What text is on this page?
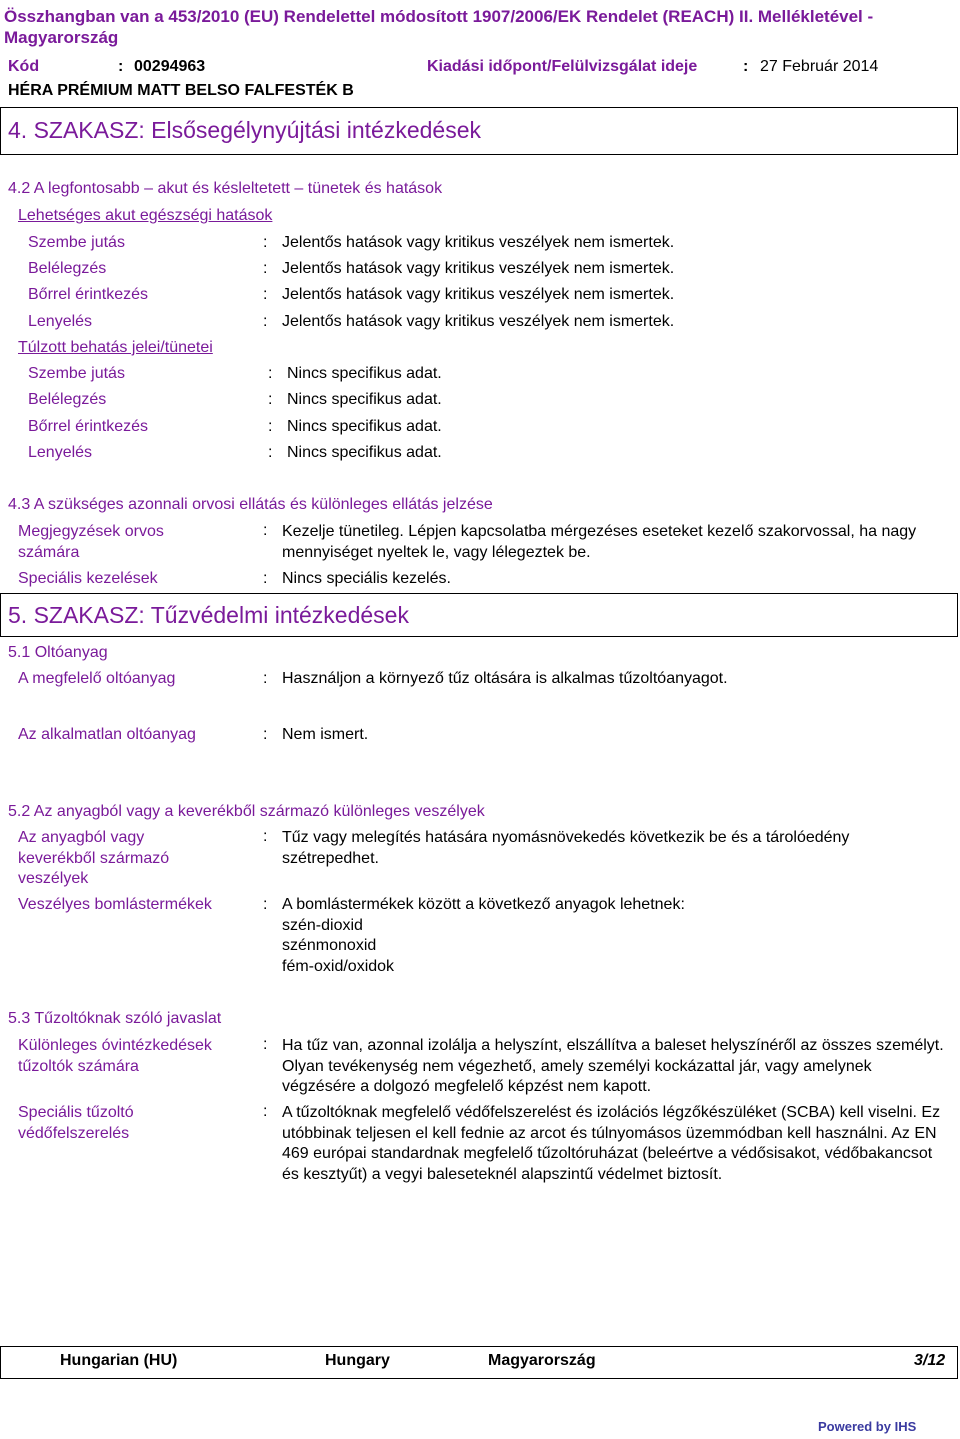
Összhangban van a 453/2010 (EU) Rendelettel módosított 1907/2006/EK Rendelet (REACH) II. Mellékletével - Magyarország
Kód	: 00294963	Kiadási időpont/Felülvizsgálat ideje	: 27 Február 2014
HÉRA PRÉMIUM MATT BELSO FALFESTÉK B
4. SZAKASZ: Elsősegélynyújtási intézkedések
4.2 A legfontosabb – akut és késleltetett – tünetek és hatások
Lehetséges akut egészségi hatások
Szembe jutás	: Jelentős hatások vagy kritikus veszélyek nem ismertek.
Belélegzés	: Jelentős hatások vagy kritikus veszélyek nem ismertek.
Bőrrel érintkezés	: Jelentős hatások vagy kritikus veszélyek nem ismertek.
Lenyelés	: Jelentős hatások vagy kritikus veszélyek nem ismertek.
Túlzott behatás jelei/tünetei
Szembe jutás	: Nincs specifikus adat.
Belélegzés	: Nincs specifikus adat.
Bőrrel érintkezés	: Nincs specifikus adat.
Lenyelés	: Nincs specifikus adat.
4.3 A szükséges azonnali orvosi ellátás és különleges ellátás jelzése
Megjegyzések orvos számára
: Kezelje tünetileg. Lépjen kapcsolatba mérgezéses eseteket kezelő szakorvossal, ha nagy mennyiséget nyeltek le, vagy lélegeztek be.
Speciális kezelések	: Nincs speciális kezelés.
5. SZAKASZ: Tűzvédelmi intézkedések
5.1 Oltóanyag
A megfelelő oltóanyag	: Használjon a környező tűz oltására is alkalmas tűzoltóanyagot.
Az alkalmatlan oltóanyag	: Nem ismert.
5.2 Az anyagból vagy a keverékből származó különleges veszélyek
Az anyagból vagy keverékből származó veszélyek
: Tűz vagy melegítés hatására nyomásnövekedés következik be és a tárolóedény szétrepedhet.
Veszélyes bomlástermékek	: A bomlástermékek között a következő anyagok lehetnek:
szén-dioxid
szénmonoxid
fém-oxid/oxidok
5.3 Tűzoltóknak szóló javaslat
Különleges óvintézkedések tűzoltók számára
: Ha tűz van, azonnal izolálja a helyszínt, elszállítva a baleset helyszínéről az összes személyt. Olyan tevékenység nem végezhető, amely személyi kockázattal jár, vagy amelynek végzésére a dolgozó megfelelő képzést nem kapott.
Speciális tűzoltó védőfelszerelés
: A tűzoltóknak megfelelő védőfelszerelést és izolációs légzőkészüléket (SCBA) kell viselni. Ez utóbbinak teljesen el kell fednie az arcot és túlnyomásos üzemmódban kell használni. Az EN 469 európai standardnak megfelelő tűzoltóruházat (beleértve a védősisakot, védőbakancsot és kesztyűt) a vegyi baleseteknél alapszintű védelmet biztosít.
Hungarian (HU)	Hungary	Magyarország	3/12
Powered by IHS
